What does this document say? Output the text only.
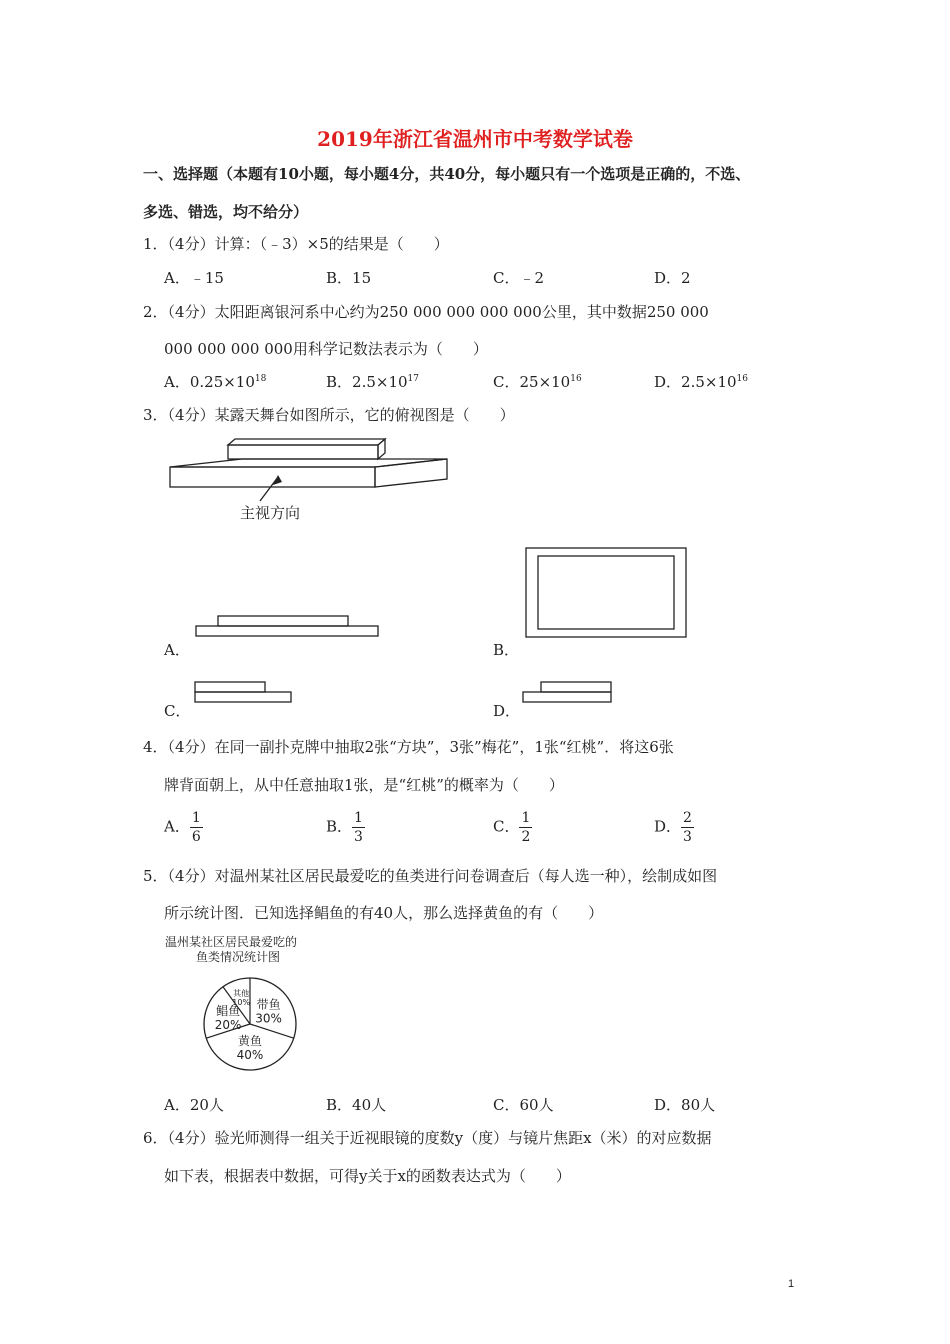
2019年浙江省温州市中考数学试卷
一、选择题（本题有10小题，每小题4分，共40分，每小题只有一个选项是正确的，不选、
多选、错选，均不给分）
1．（4分）计算：（﹣3）×5的结果是（　　）
A．﹣15	B．15	C．﹣2	D．2
2．（4分）太阳距离银河系中心约为250 000 000 000 000公里，其中数据250 000
000 000 000 000用科学记数法表示为（　　）
A．$0.25\times 10^{18}$	B．$2.5\times 10^{17}$	C．$25\times 10^{16}$	D．$2.5\times 10^{16}$
3．（4分）某露天舞台如图所示，它的俯视图是（　　）
主视方向
A．	B．
C．	D．
4．（4分）在同一副扑克牌中抽取2张“方块”，3张”梅花”，1张“红桃”．将这6张
牌背面朝上，从中任意抽取1张，是“红桃”的概率为（　　）
A． $\frac{1}{6}$	B． $\frac{1}{3}$	C． $\frac{1}{2}$	D． $\frac{2}{3}$
5．（4分）对温州某社区居民最爱吃的鱼类进行问卷调查后（每人选一种），绘制成如图
所示统计图．已知选择鲳鱼的有40人，那么选择黄鱼的有（　　）
温州某社区居民最爱吃的
鱼类情况统计图
带鱼
30%
黄鱼
40%
鲳鱼
20%
其他
10%
A．20人	B．40人	C．60人	D．80人
6．（4分）验光师测得一组关于近视眼镜的度数y（度）与镜片焦距x（米）的对应数据
如下表，根据表中数据，可得y关于x的函数表达式为（　　）
1
